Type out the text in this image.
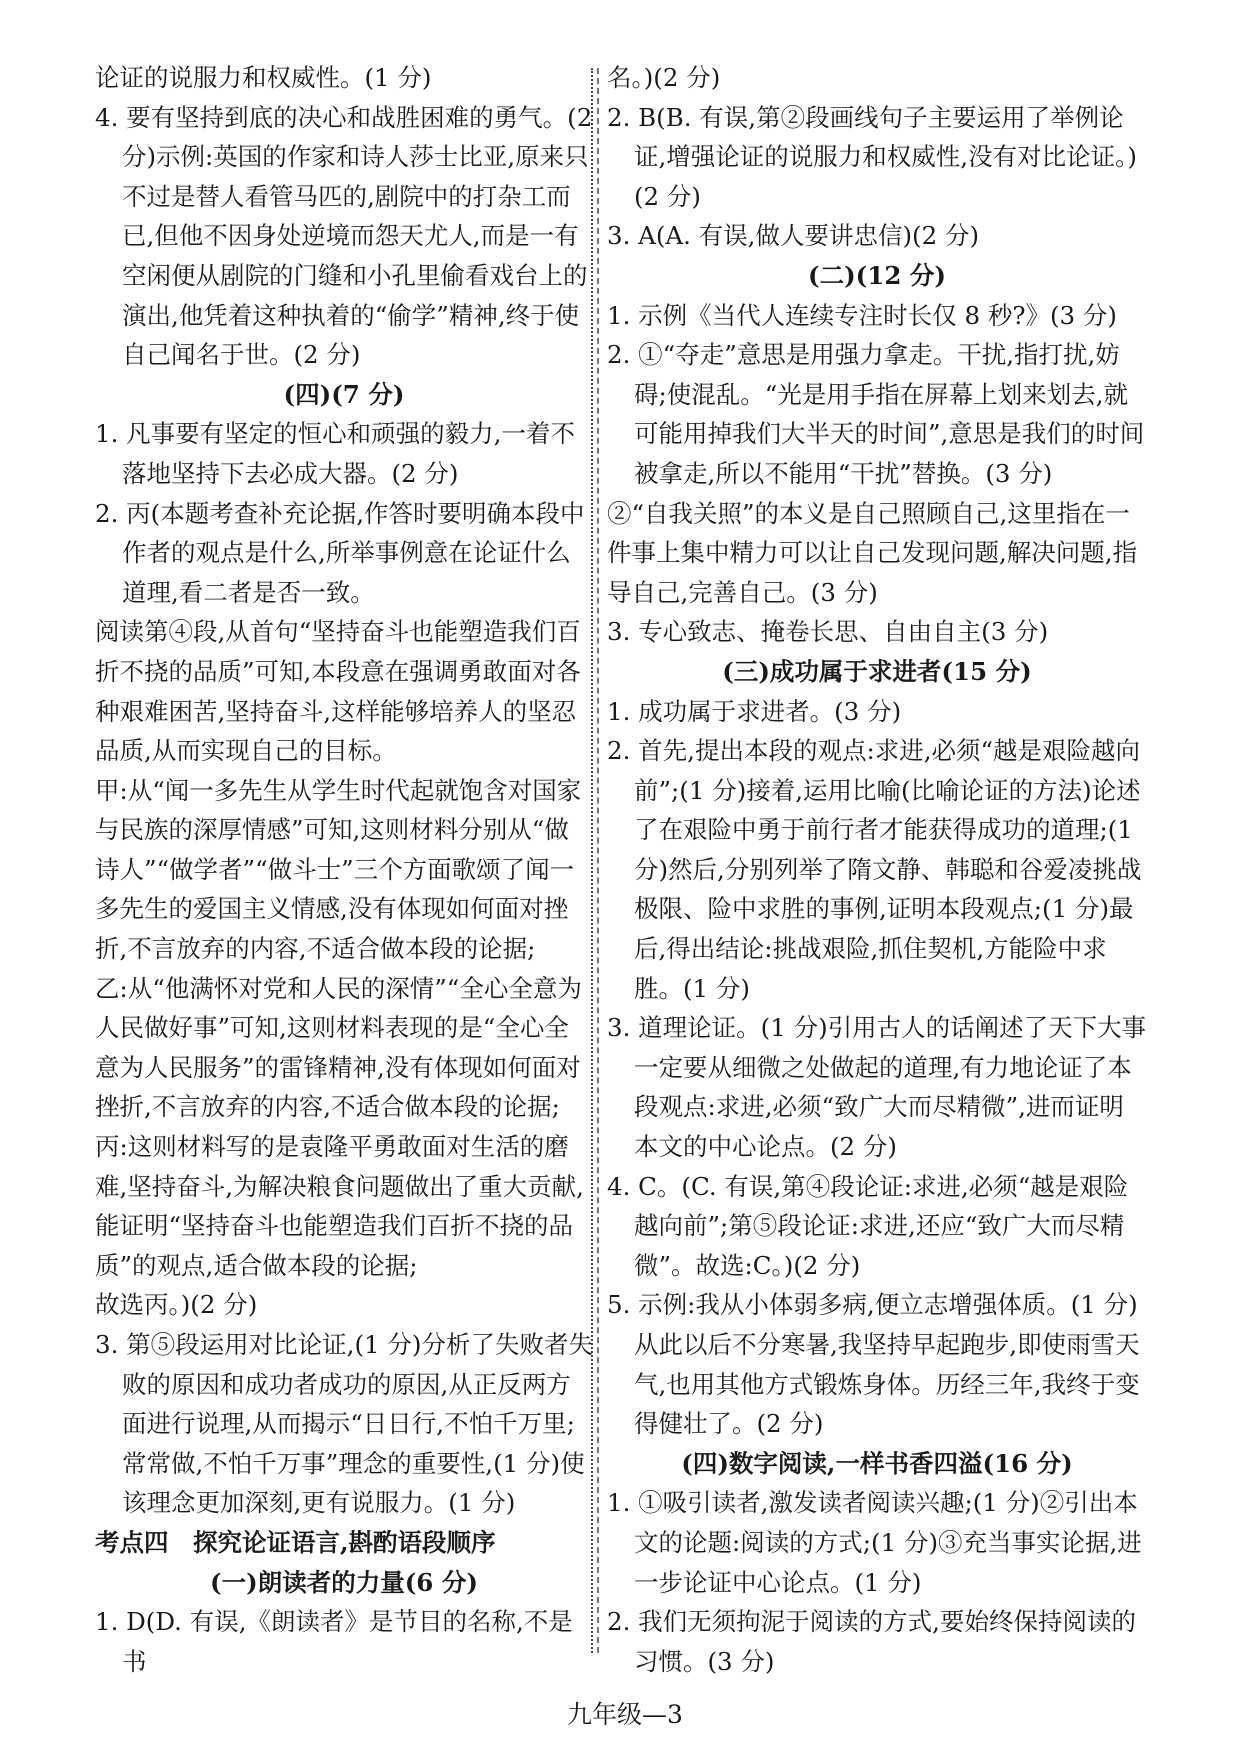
论证的说服力和权威性。(1 分)

4. 要有坚持到底的决心和战胜困难的勇气。(2 分)示例:英国的作家和诗人莎士比亚,原来只不过是替人看管马匹的,剧院中的打杂工而已,但他不因身处逆境而怨天尤人,而是一有空闲便从剧院的门缝和小孔里偷看戏台上的演出,他凭着这种执着的“偷学”精神,终于使自己闻名于世。(2 分)

(四)(7 分)

1. 凡事要有坚定的恒心和顽强的毅力,一着不落地坚持下去必成大器。(2 分)

2. 丙(本题考查补充论据,作答时要明确本段中作者的观点是什么,所举事例意在论证什么道理,看二者是否一致。

阅读第④段,从首句“坚持奋斗也能塑造我们百折不挠的品质”可知,本段意在强调勇敢面对各种艰难困苦,坚持奋斗,这样能够培养人的坚忍品质,从而实现自己的目标。

甲:从“闻一多先生从学生时代起就饱含对国家与民族的深厚情感”可知,这则材料分别从“做诗人”“做学者”“做斗士”三个方面歌颂了闻一多先生的爱国主义情感,没有体现如何面对挫折,不言放弃的内容,不适合做本段的论据;

乙:从“他满怀对党和人民的深情”“全心全意为人民做好事”可知,这则材料表现的是“全心全意为人民服务”的雷锋精神,没有体现如何面对挫折,不言放弃的内容,不适合做本段的论据;

丙:这则材料写的是袁隆平勇敢面对生活的磨难,坚持奋斗,为解决粮食问题做出了重大贡献,能证明“坚持奋斗也能塑造我们百折不挠的品质”的观点,适合做本段的论据;

故选丙。)(2 分)

3. 第⑤段运用对比论证,(1 分)分析了失败者失败的原因和成功者成功的原因,从正反两方面进行说理,从而揭示“日日行,不怕千万里;常常做,不怕千万事”理念的重要性,(1 分)使该理念更加深刻,更有说服力。(1 分)

考点四　探究论证语言,斟酌语段顺序

(一)朗读者的力量(6 分)

1. D(D. 有误,《朗读者》是节目的名称,不是书

名。)(2 分)

2. B(B. 有误,第②段画线句子主要运用了举例论证,增强论证的说服力和权威性,没有对比论证。)(2 分)

3. A(A. 有误,做人要讲忠信)(2 分)

(二)(12 分)

1. 示例《当代人连续专注时长仅 8 秒?》(3 分)

2. ①“夺走”意思是用强力拿走。干扰,指打扰,妨碍;使混乱。“光是用手指在屏幕上划来划去,就可能用掉我们大半天的时间”,意思是我们的时间被拿走,所以不能用“干扰”替换。(3 分)

②“自我关照”的本义是自己照顾自己,这里指在一件事上集中精力可以让自己发现问题,解决问题,指导自己,完善自己。(3 分)

3. 专心致志、掩卷长思、自由自主(3 分)

(三)成功属于求进者(15 分)

1. 成功属于求进者。(3 分)

2. 首先,提出本段的观点:求进,必须“越是艰险越向前”;(1 分)接着,运用比喻(比喻论证的方法)论述了在艰险中勇于前行者才能获得成功的道理;(1 分)然后,分别列举了隋文静、韩聪和谷爱凌挑战极限、险中求胜的事例,证明本段观点;(1 分)最后,得出结论:挑战艰险,抓住契机,方能险中求胜。(1 分)

3. 道理论证。(1 分)引用古人的话阐述了天下大事一定要从细微之处做起的道理,有力地论证了本段观点:求进,必须“致广大而尽精微”,进而证明本文的中心论点。(2 分)

4. C。(C. 有误,第④段论证:求进,必须“越是艰险越向前”;第⑤段论证:求进,还应“致广大而尽精微”。故选:C。)(2 分)

5. 示例:我从小体弱多病,便立志增强体质。(1 分)从此以后不分寒暑,我坚持早起跑步,即使雨雪天气,也用其他方式锻炼身体。历经三年,我终于变得健壮了。(2 分)

(四)数字阅读,一样书香四溢(16 分)

1. ①吸引读者,激发读者阅读兴趣;(1 分)②引出本文的论题:阅读的方式;(1 分)③充当事实论据,进一步论证中心论点。(1 分)

2. 我们无须拘泥于阅读的方式,要始终保持阅读的习惯。(3 分)

九年级—3
